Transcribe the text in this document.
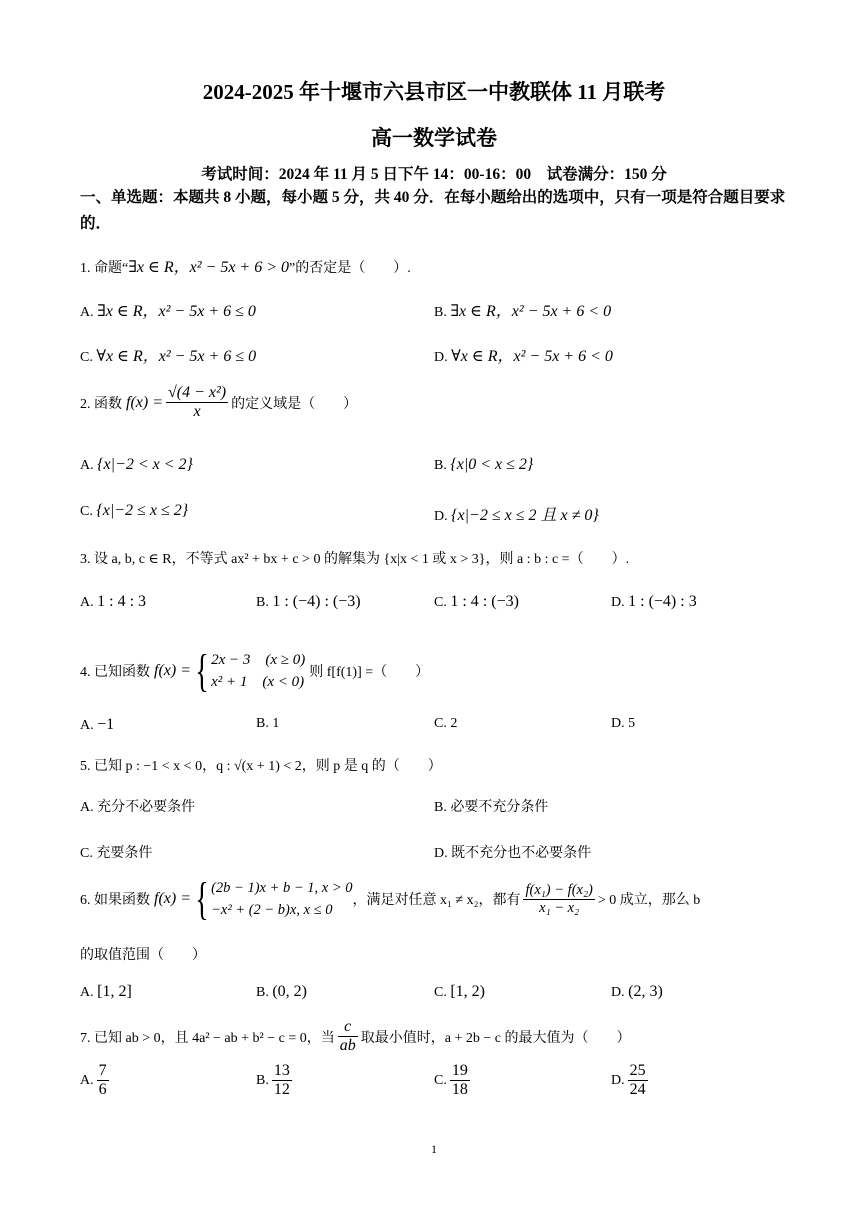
2024-2025 年十堰市六县市区一中教联体 11 月联考
高一数学试卷
考试时间：2024 年 11 月 5 日下午 14：00-16：00　试卷满分：150 分
一、单选题：本题共 8 小题，每小题 5 分，共 40 分．在每小题给出的选项中，只有一项是符合题目要求的．
1. 命题“∃x ∈ R，x² − 5x + 6 > 0”的否定是（　　）.
A. ∃x ∈ R，x² − 5x + 6 ≤ 0	B. ∃x ∈ R，x² − 5x + 6 < 0
C. ∀x ∈ R，x² − 5x + 6 ≤ 0	D. ∀x ∈ R，x² − 5x + 6 < 0
2. 函数 $f(x) = \frac{\text{√(4 − x²)}}{x}$ 的定义域是（　　）
A. {x|−2 < x < 2}	B. {x|0 < x ≤ 2}
C. {x|−2 ≤ x ≤ 2}	D. {x|−2 ≤ x ≤ 2 且 x ≠ 0}
3. 设 a, b, c ∈ R，不等式 ax² + bx + c > 0 的解集为 {x|x < 1 或 x > 3}，则 a : b : c =（　　）.
A. 1 : 4 : 3	B. 1 : (−4) : (−3)	C. 1 : 4 : (−3)	D. 1 : (−4) : 3
4. 已知函数 f(x) = { 2x − 3　(x ≥ 0)
x² + 1　(x < 0)
则 f[f(1)] =（　　）
A. −1	B. 1	C. 2	D. 5
5. 已知 p : −1 < x < 0，q : √(x + 1) < 2，则 p 是 q 的（　　）
A. 充分不必要条件	B. 必要不充分条件
C. 充要条件	D. 既不充分也不必要条件
6. 如果函数 f(x) = { (2b − 1)x + b − 1, x > 0
−x² + (2 − b)x, x ≤ 0
，满足对任意 x₁ ≠ x₂，都有 $\frac{\text{f(x₁) − f(x₂)}}{\text{x₁ − x₂}} > 0$ 成立，那么 b
的取值范围（　　）
A. [1, 2]	B. (0, 2)	C. [1, 2)	D. (2, 3)
7. 已知 ab > 0，且 4a² − ab + b² − c = 0，当 $\frac{c}{ab}$ 取最小值时，a + 2b − c 的最大值为（　　）
A. $\frac{7}{6}$	B. $\frac{13}{12}$	C. $\frac{19}{18}$	D. $\frac{25}{24}$
1
